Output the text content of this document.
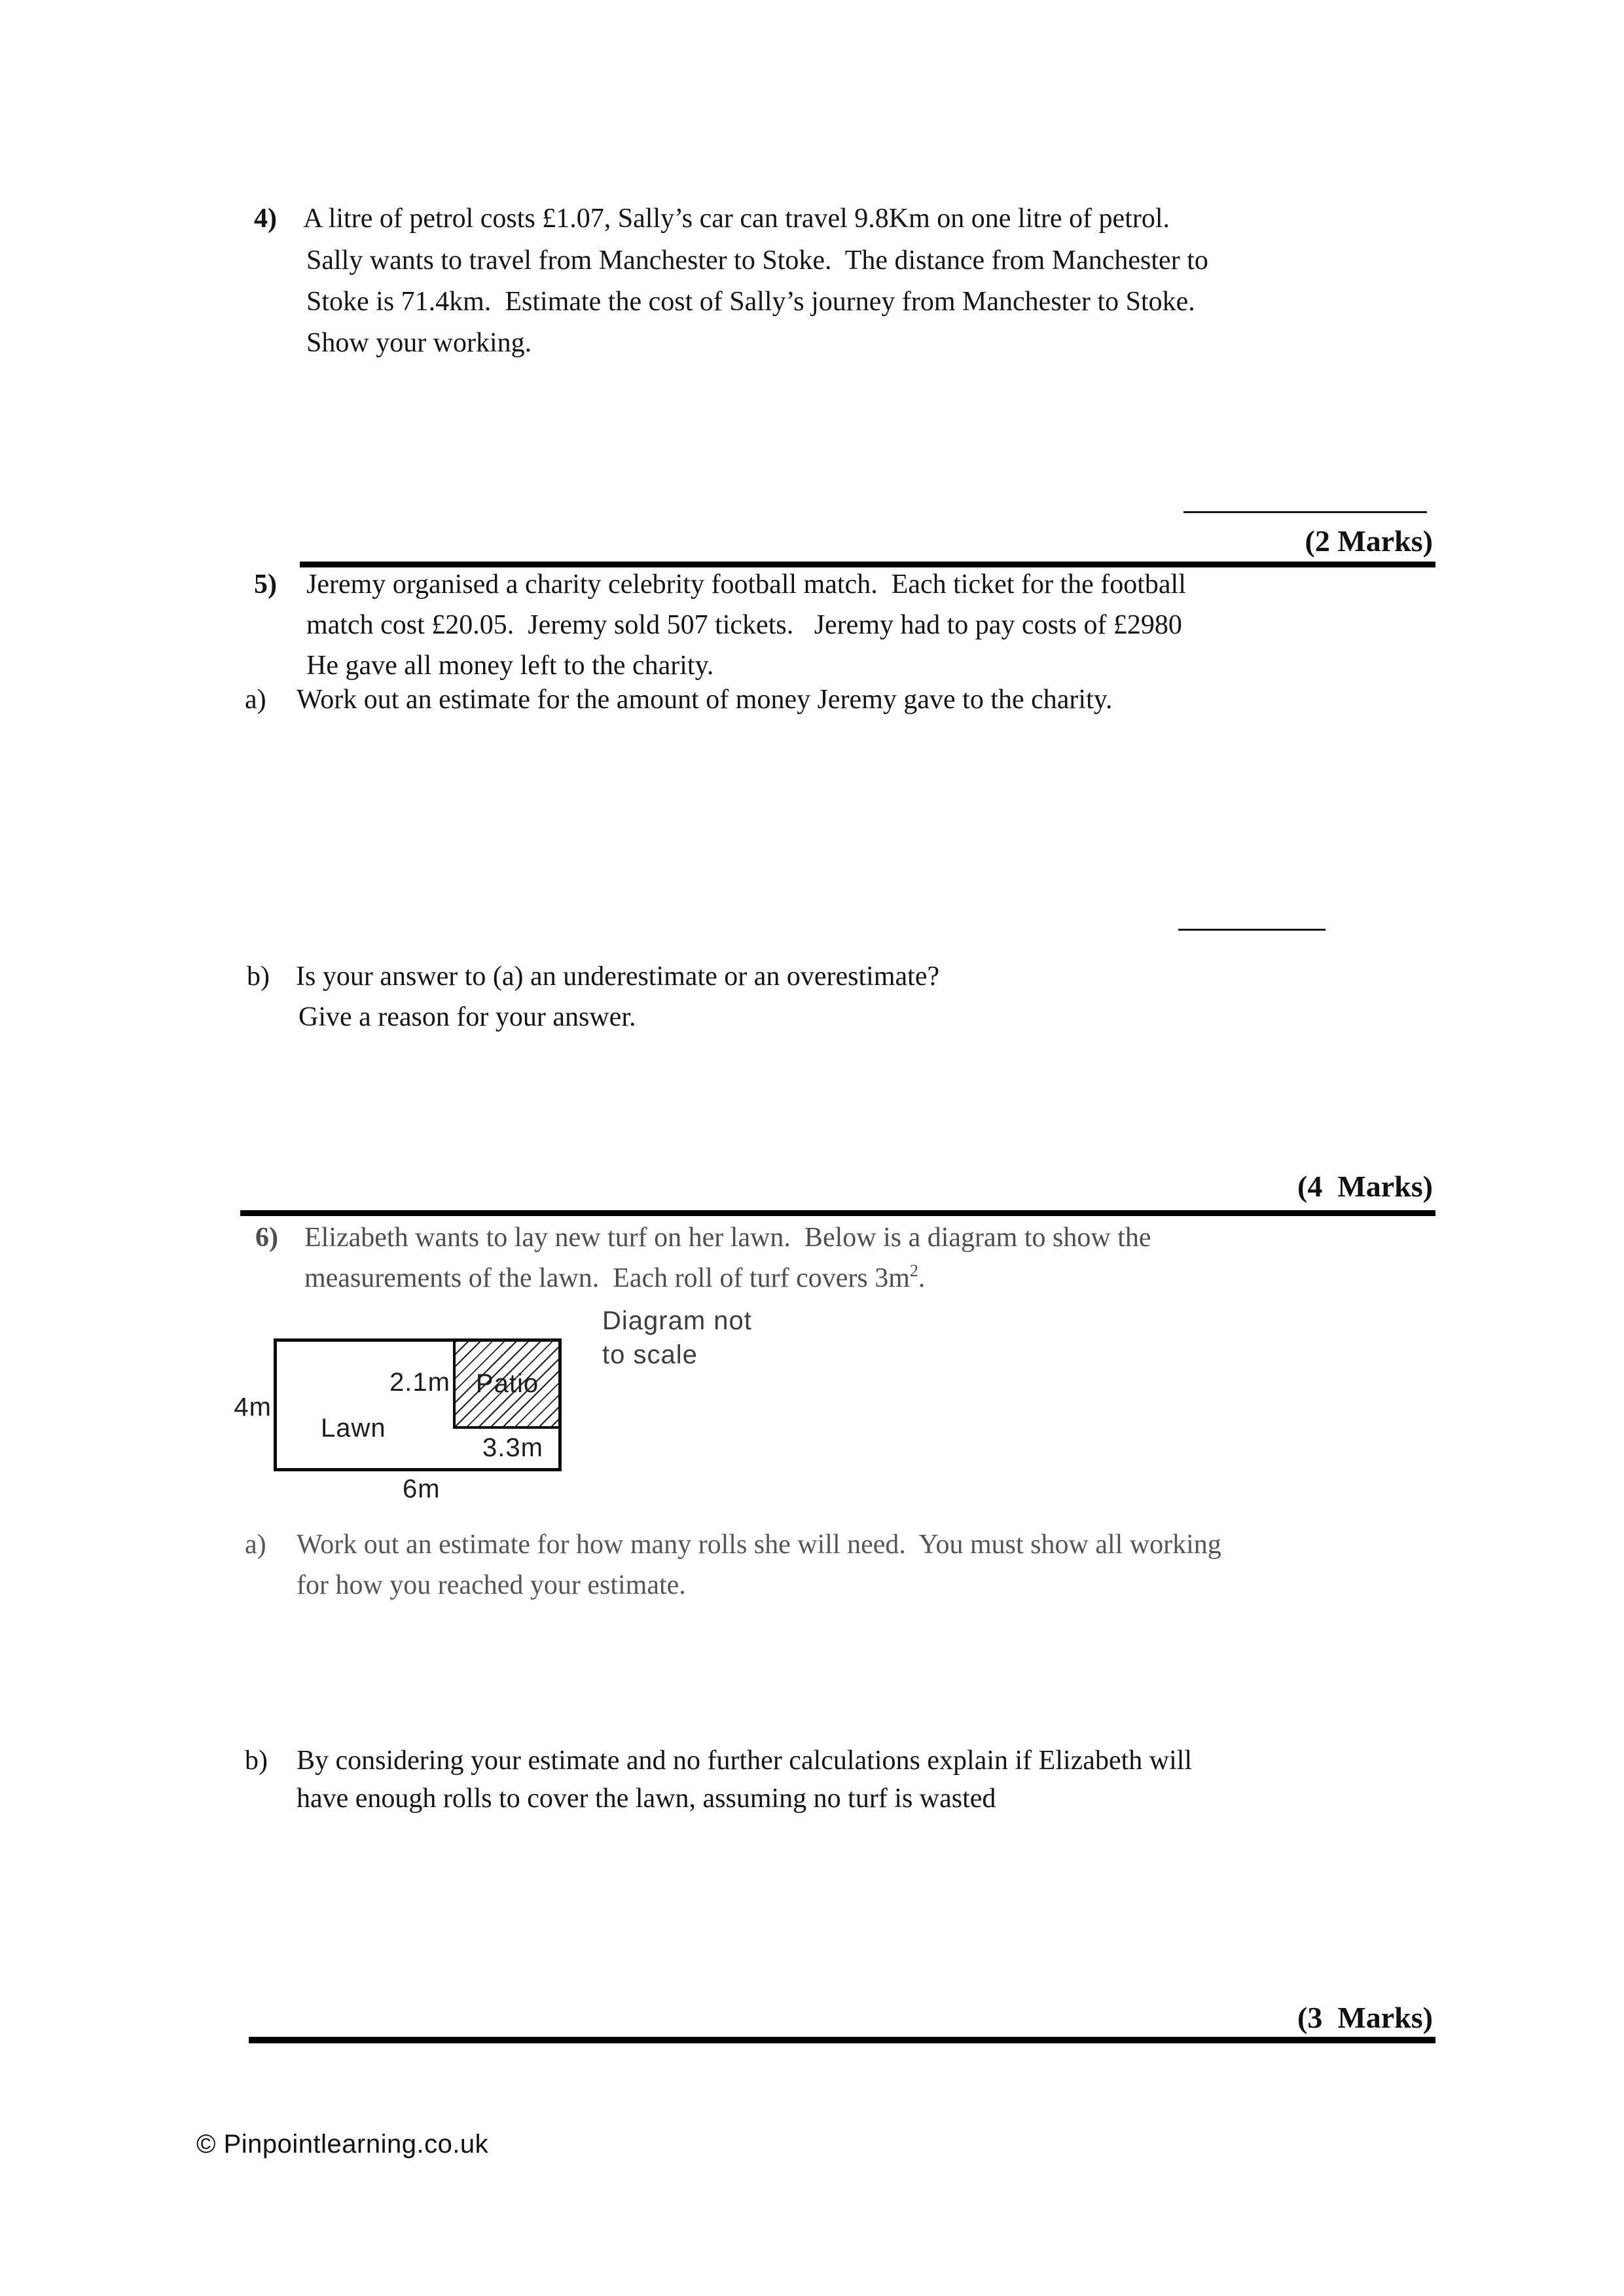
4) A litre of petrol costs £1.07, Sally’s car can travel 9.8Km on one litre of petrol.
Sally wants to travel from Manchester to Stoke.  The distance from Manchester to
Stoke is 71.4km.  Estimate the cost of Sally’s journey from Manchester to Stoke.
Show your working.
(2 Marks)
5) Jeremy organised a charity celebrity football match.  Each ticket for the football
match cost £20.05.  Jeremy sold 507 tickets.   Jeremy had to pay costs of £2980
He gave all money left to the charity.
a) Work out an estimate for the amount of money Jeremy gave to the charity.
b) Is your answer to (a) an underestimate or an overestimate?
Give a reason for your answer.
(4  Marks)
6) Elizabeth wants to lay new turf on her lawn.  Below is a diagram to show the
measurements of the lawn.  Each roll of turf covers $3m^2$.
Diagram not
to scale
Patio
4m
2.1m
Lawn
3.3m
6m
a) Work out an estimate for how many rolls she will need.  You must show all working
for how you reached your estimate.
b) By considering your estimate and no further calculations explain if Elizabeth will
have enough rolls to cover the lawn, assuming no turf is wasted
(3  Marks)
© Pinpointlearning.co.uk
